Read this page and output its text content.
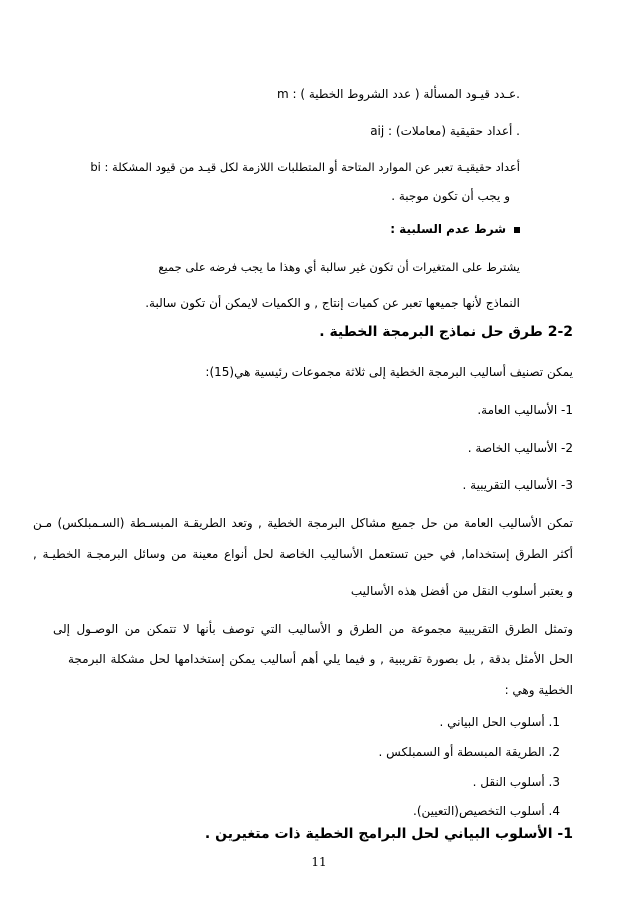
m : عـدد قيـود المسألة ( عدد الشروط الخطية ).
aij : أعداد حقيقية (معاملات) .
bi : أعداد حقيقيـة تعبر عن الموارد المتاحة أو المتطلبات اللازمة لكل قيـد من قيود المشكلة
و يجب أن تكون موجبة .
شرط عدم السلبية :
يشترط على المتغيرات أن تكون غير سالبة أي وهذا ما يجب فرضه على جميع
النماذج لأنها جميعها تعبر عن كميات إنتاج , و الكميات لايمكن أن تكون سالبة.
2-2 طرق حل نماذج البرمجة الخطية .
يمكن تصنيف أساليب البرمجة الخطية إلى ثلاثة مجموعات رئيسية هي(15):
1- الأساليب العامة.
2- الأساليب الخاصة .
3- الأساليب التقريبية .
تمكن الأساليب العامة من حل جميع مشاكل البرمجة الخطية , وتعد الطريقـة المبسـطة (السـمبلكس) مـن
أكثر الطرق إستخداما, في حين تستعمل الأساليب الخاصة لحل أنواع معينة من وسائل البرمجـة الخطيـة ,
و يعتبر أسلوب النقل من أفضل هذه الأساليب
وتمثل الطرق التقريبية مجموعة من الطرق و الأساليب التي توصف بأنها لا تتمكن من الوصـول إلى
الحل الأمثل بدقة , بل بصورة تقريبية , و فيما يلي أهم أساليب يمكن إستخدامها لحل مشكلة البرمجة
الخطية وهي :
1. أسلوب الحل البياني .
2. الطريقة المبسطة أو السمبلكس .
3. أسلوب النقل .
4. أسلوب التخصيص(التعيين).
1- الأسلوب البياني لحل البرامج الخطية ذات متغيرين .
11
